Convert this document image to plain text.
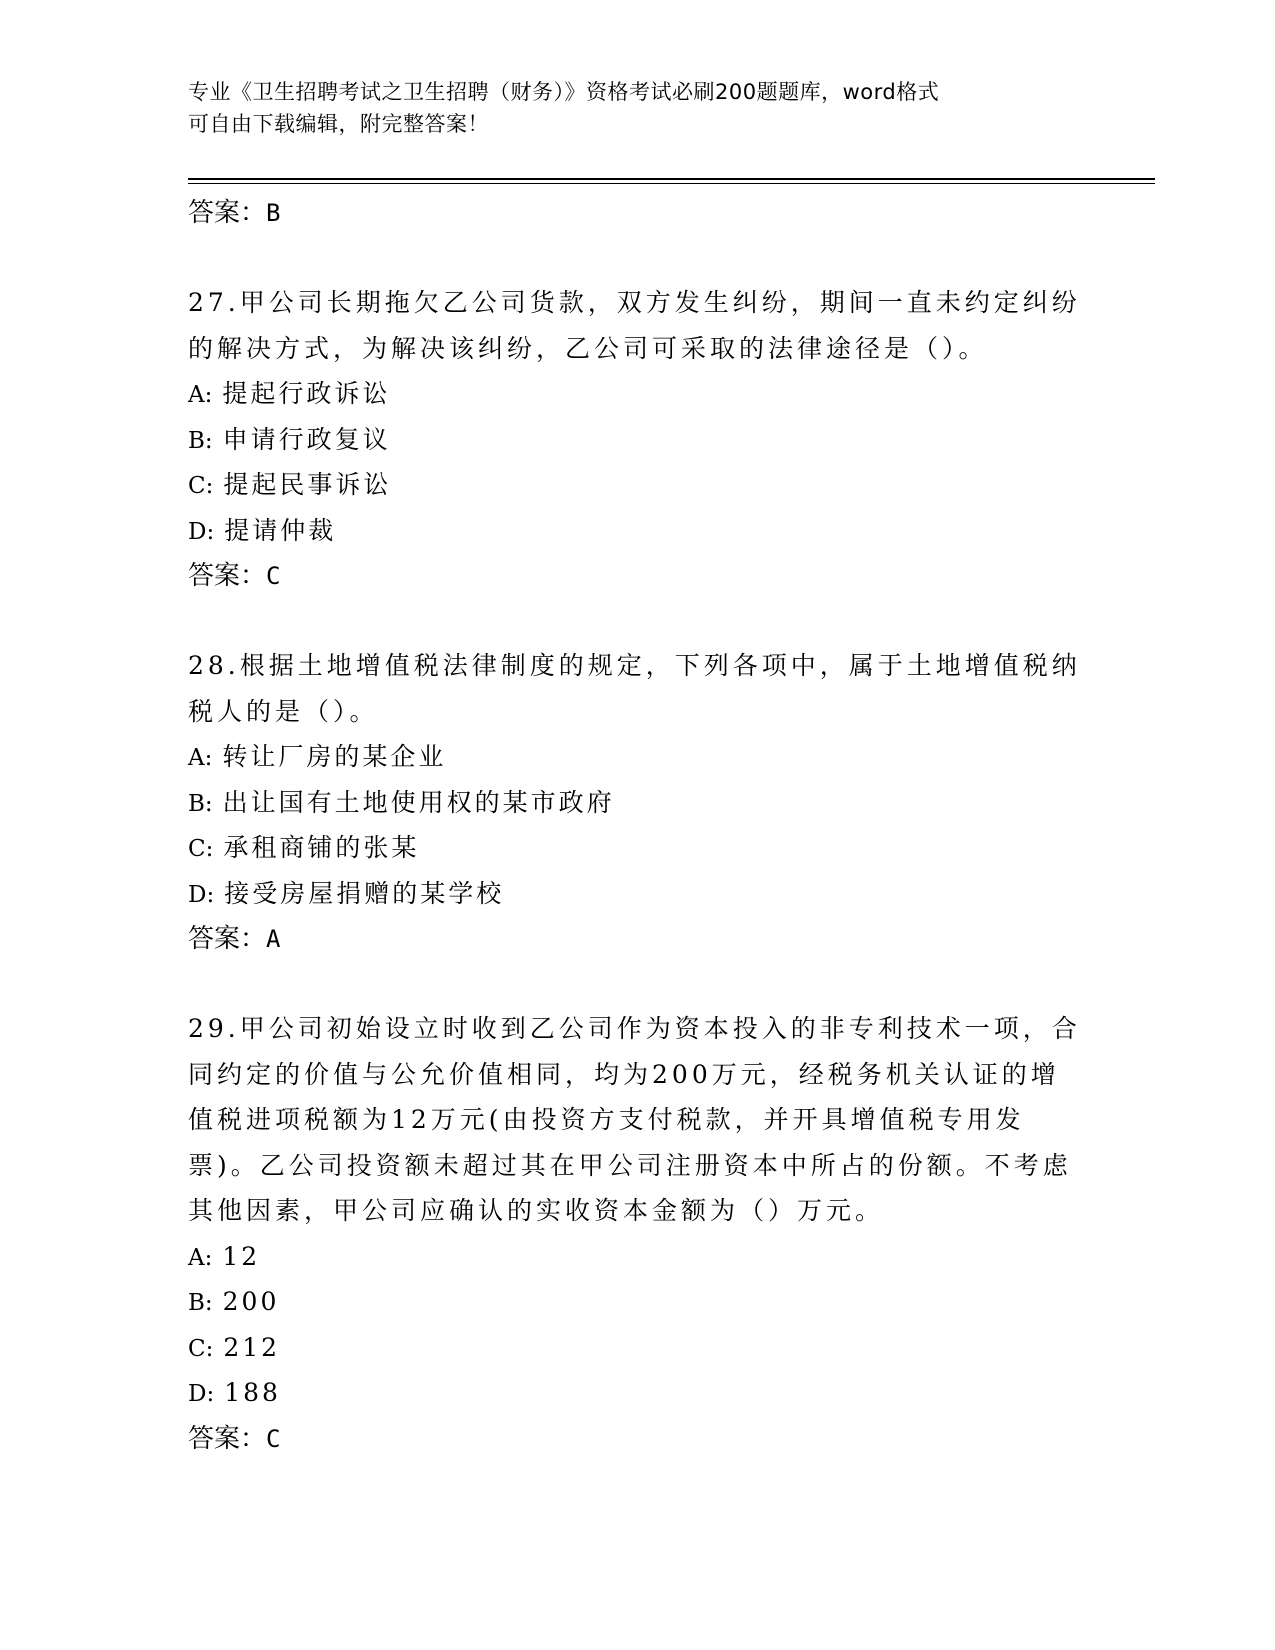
专业《卫生招聘考试之卫生招聘（财务）》资格考试必刷200题题库，word格式
可自由下载编辑，附完整答案！
答案：B
27.甲公司长期拖欠乙公司货款，双方发生纠纷，期间一直未约定纠纷的解决方式，为解决该纠纷，乙公司可采取的法律途径是（）。
A: 提起行政诉讼
B: 申请行政复议
C: 提起民事诉讼
D: 提请仲裁
答案：C
28.根据土地增值税法律制度的规定，下列各项中，属于土地增值税纳税人的是（）。
A: 转让厂房的某企业
B: 出让国有土地使用权的某市政府
C: 承租商铺的张某
D: 接受房屋捐赠的某学校
答案：A
29.甲公司初始设立时收到乙公司作为资本投入的非专利技术一项，合同约定的价值与公允价值相同，均为200万元，经税务机关认证的增值税进项税额为12万元(由投资方支付税款，并开具增值税专用发票)。乙公司投资额未超过其在甲公司注册资本中所占的份额。不考虑其他因素，甲公司应确认的实收资本金额为（）万元。
A: 12
B: 200
C: 212
D: 188
答案：C
